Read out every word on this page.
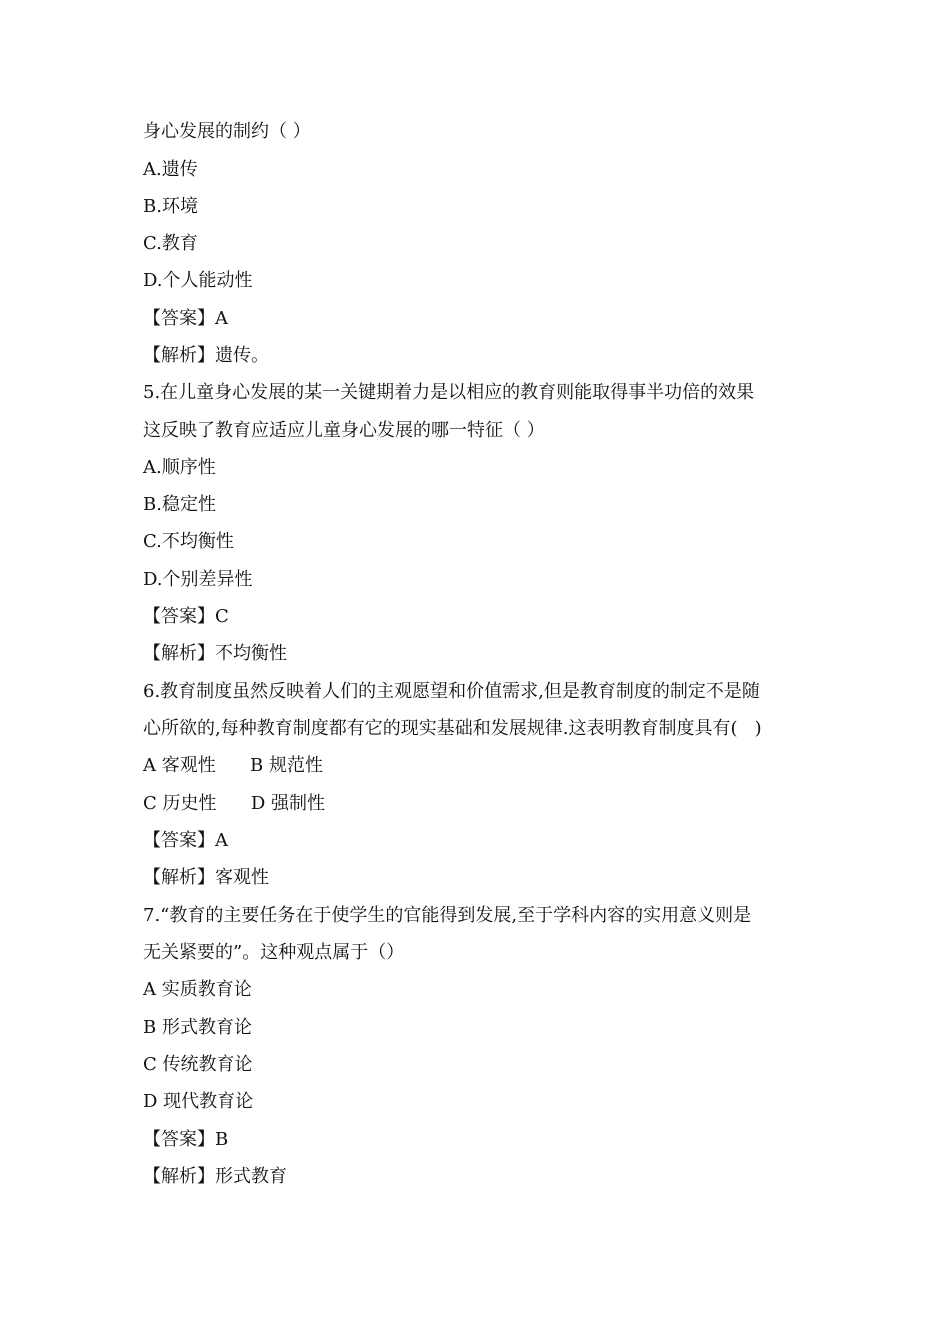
身心发展的制约（ ）
A.遗传
B.环境
C.教育
D.个人能动性
【答案】A
【解析】遗传。
5.在儿童身心发展的某一关键期着力是以相应的教育则能取得事半功倍的效果
这反映了教育应适应儿童身心发展的哪一特征（ ）
A.顺序性
B.稳定性
C.不均衡性
D.个别差异性
【答案】C
【解析】不均衡性
6.教育制度虽然反映着人们的主观愿望和价值需求,但是教育制度的制定不是随
心所欲的,每种教育制度都有它的现实基础和发展规律.这表明教育制度具有(   )
A 客观性      B 规范性
C 历史性      D 强制性
【答案】A
【解析】客观性
7.“教育的主要任务在于使学生的官能得到发展,至于学科内容的实用意义则是
无关紧要的”。这种观点属于（）
A 实质教育论
B 形式教育论
C 传统教育论
D 现代教育论
【答案】B
【解析】形式教育
